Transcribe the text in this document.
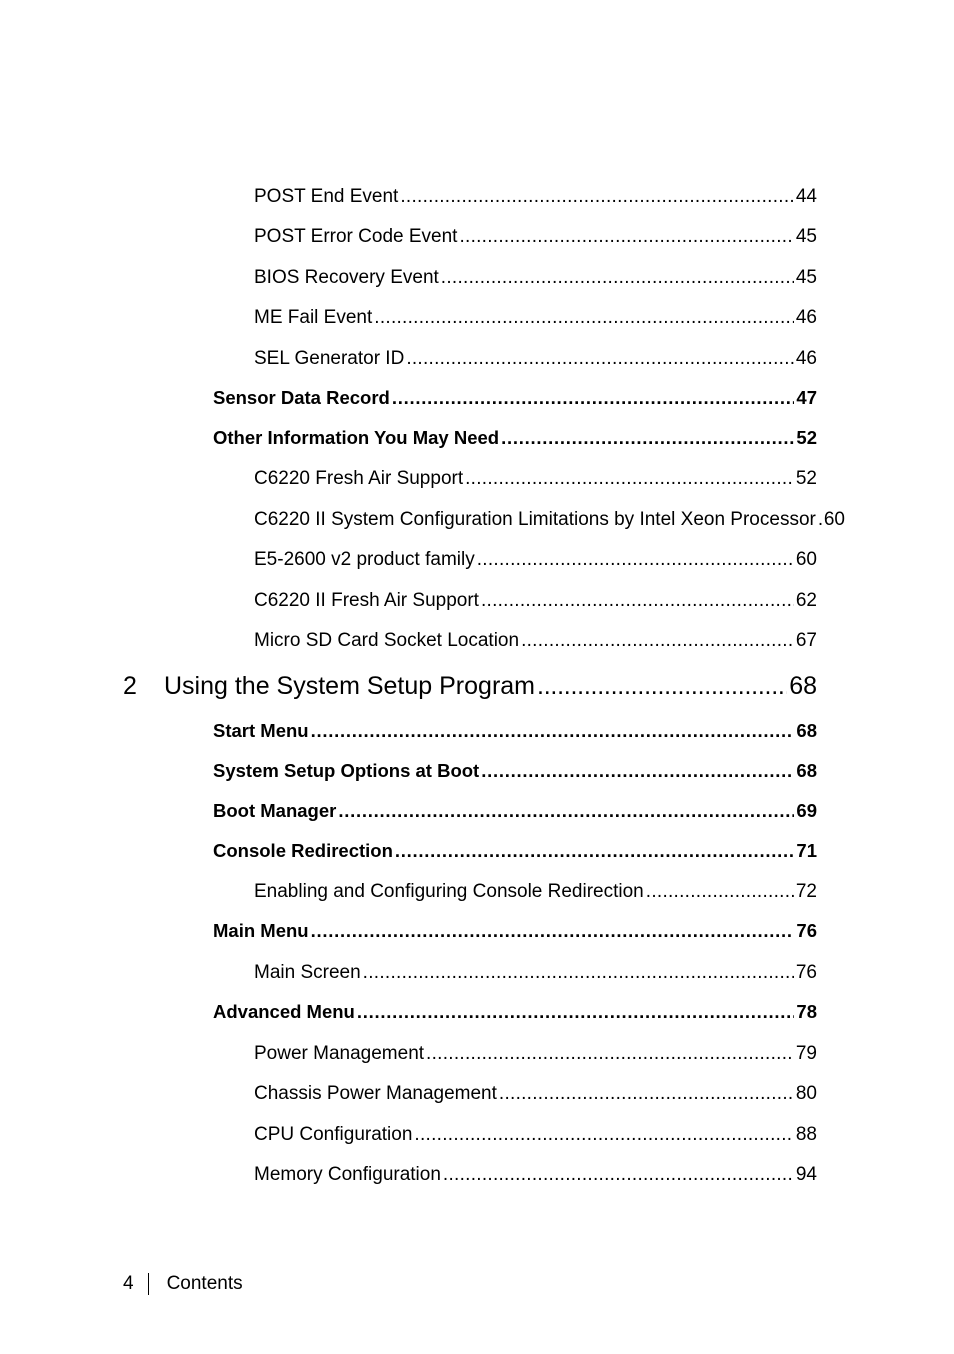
POST End Event . . .	44
POST Error Code Event . . .	45
BIOS Recovery Event . . .	45
ME Fail Event . . .	46
SEL Generator ID . . .	46
Sensor Data Record . . .	47
Other Information You May Need . . .	52
C6220 Fresh Air Support . . .	52
C6220 II System Configuration Limitations by Intel Xeon Processor . . . 60
E5-2600 v2 product family . . .	60
C6220 II Fresh Air Support . . .	62
Micro SD Card Socket Location . . .	67
2 Using the System Setup Program . . .	68
Start Menu . . .	68
System Setup Options at Boot . . .	68
Boot Manager . . .	69
Console Redirection . . .	71
Enabling and Configuring Console Redirection . . .	72
Main Menu . . .	76
Main Screen . . .	76
Advanced Menu . . .	78
Power Management . . .	79
Chassis Power Management . . .	80
CPU Configuration . . .	88
Memory Configuration . . .	94
4 Contents
